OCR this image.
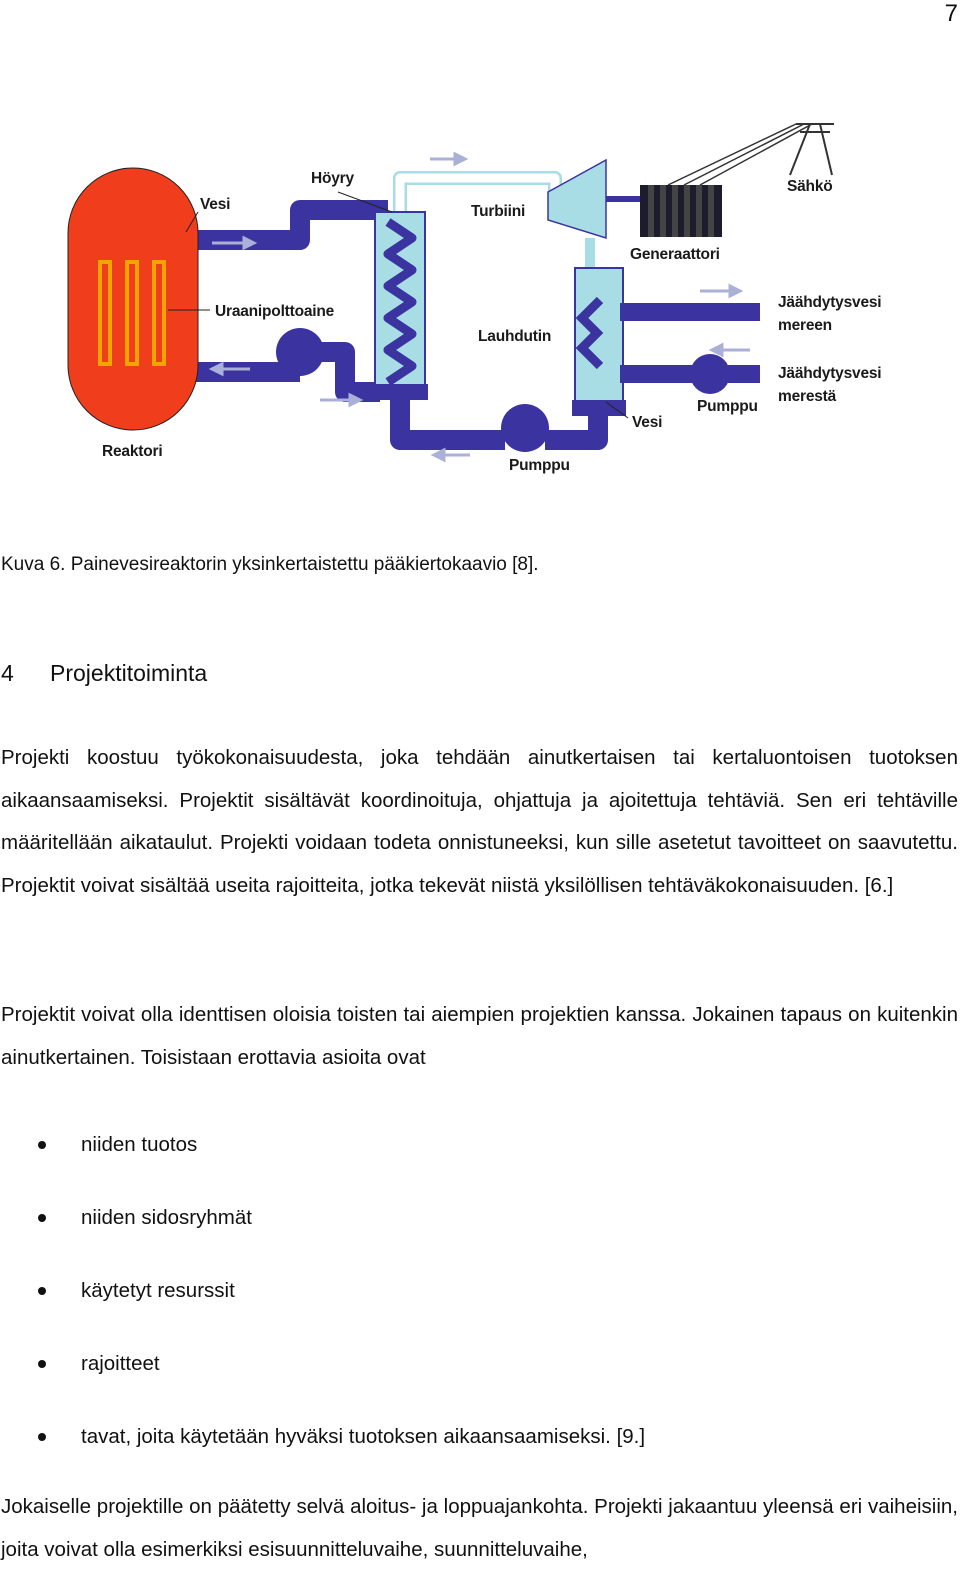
7
Höyry
Vesi	Turbiini
Sähkö
Generaattori
Uraanipolttoaine
Lauhdutin
Jäähdytysvesi
mereen
Jäähdytysvesi
merestä
Pumppu
Vesi
Reaktori
Pumppu
Kuva 6. Painevesireaktorin yksinkertaistettu pääkiertokaavio [8].
4 Projektitoiminta

Projekti koostuu työkokonaisuudesta, joka tehdään ainutkertaisen tai kertaluontoisen tuotoksen aikaansaamiseksi. Projektit sisältävät koordinoituja, ohjattuja ja ajoitettuja tehtäviä. Sen eri tehtäville määritellään aikataulut. Projekti voidaan todeta onnistuneeksi, kun sille asetetut tavoitteet on saavutettu. Projektit voivat sisältää useita rajoitteita, jotka tekevät niistä yksilöllisen tehtäväkokonaisuuden. [6.]

Projektit voivat olla identtisen oloisia toisten tai aiempien projektien kanssa. Jokainen tapaus on kuitenkin ainutkertainen. Toisistaan erottavia asioita ovat

niiden tuotos
niiden sidosryhmät
käytetyt resurssit
rajoitteet
tavat, joita käytetään hyväksi tuotoksen aikaansaamiseksi. [9.]

Jokaiselle projektille on päätetty selvä aloitus- ja loppuajankohta. Projekti jakaantuu yleensä eri vaiheisiin, joita voivat olla esimerkiksi esisuunnitteluvaihe, suunnitteluvaihe,
